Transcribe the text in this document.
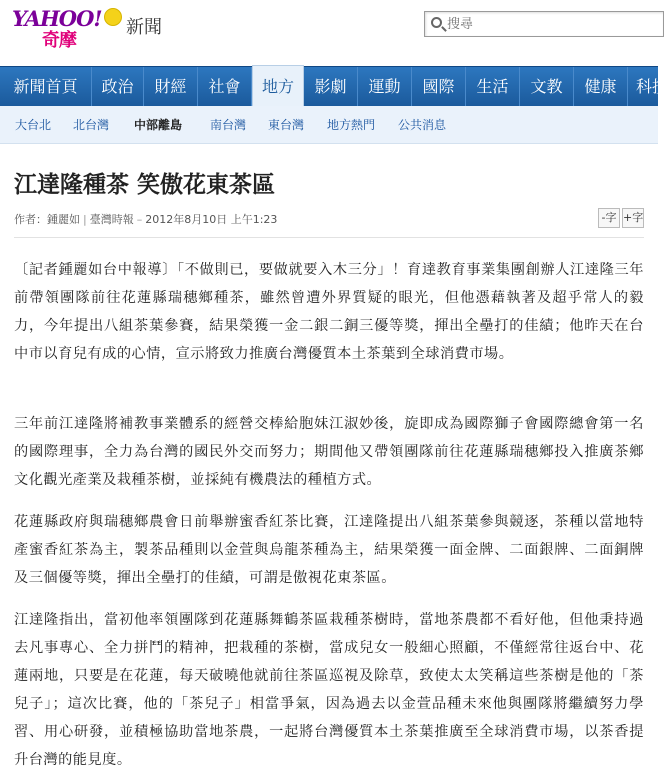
YAHOO!
奇摩
新聞
搜尋
新聞首頁	政治	財經	社會	地方	影劇	運動	國際	生活	文教	健康	科技
大台北 北台灣 中部離島 南台灣 東台灣 地方熱門 公共消息
江達隆種茶 笑傲花東茶區
作者：鍾麗如 | 臺灣時報 – 2012年8月10日 上午1:23	-字 +字

〔記者鍾麗如台中報導〕「不做則已，要做就要入木三分」！育達教育事業集團創辦人江達隆三年前帶領團隊前往花蓮縣瑞穗鄉種茶，雖然曾遭外界質疑的眼光，但他憑藉執著及超乎常人的毅力，今年提出八組茶葉參賽，結果榮獲一金二銀二銅三優等獎，揮出全壘打的佳績；他昨天在台中市以育兒有成的心情，宣示將致力推廣台灣優質本土茶葉到全球消費市場。

三年前江達隆將補教事業體系的經營交棒給胞妹江淑妙後，旋即成為國際獅子會國際總會第一名的國際理事，全力為台灣的國民外交而努力；期間他又帶領團隊前往花蓮縣瑞穗鄉投入推廣茶鄉文化觀光產業及栽種茶樹，並採純有機農法的種植方式。

花蓮縣政府與瑞穗鄉農會日前舉辦蜜香紅茶比賽，江達隆提出八組茶葉參與競逐，茶種以當地特產蜜香紅茶為主，製茶品種則以金萱與烏龍茶種為主，結果榮獲一面金牌、二面銀牌、二面銅牌及三個優等獎，揮出全壘打的佳績，可謂是傲視花東茶區。

江達隆指出，當初他率領團隊到花蓮縣舞鶴茶區栽種茶樹時，當地茶農都不看好他，但他秉持過去凡事專心、全力拼鬥的精神，把栽種的茶樹，當成兒女一般細心照顧，不僅經常往返台中、花蓮兩地，只要是在花蓮，每天破曉他就前往茶區巡視及除草，致使太太笑稱這些茶樹是他的「茶兒子」；這次比賽，他的「茶兒子」相當爭氣，因為過去以金萱品種未來他與團隊將繼續努力學習、用心研發，並積極協助當地茶農，一起將台灣優質本土茶葉推廣至全球消費市場，以茶香提升台灣的能見度。
